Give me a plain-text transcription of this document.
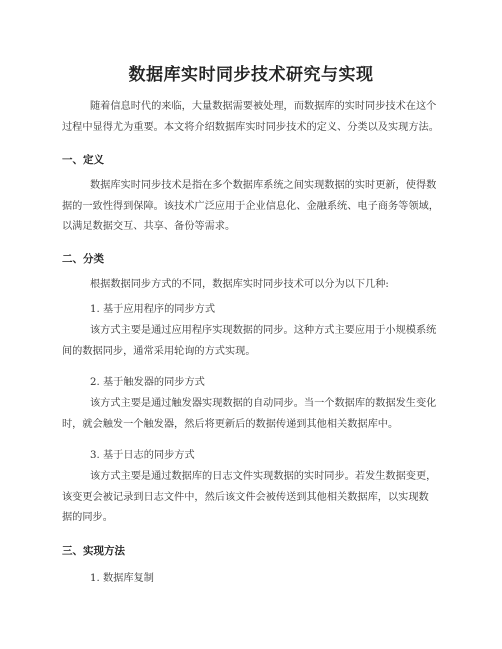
数据库实时同步技术研究与实现
随着信息时代的来临，大量数据需要被处理，而数据库的实时同步技术在这个
过程中显得尤为重要。本文将介绍数据库实时同步技术的定义、分类以及实现方法。
一、定义
数据库实时同步技术是指在多个数据库系统之间实现数据的实时更新，使得数
据的一致性得到保障。该技术广泛应用于企业信息化、金融系统、电子商务等领域，
以满足数据交互、共享、备份等需求。
二、分类
根据数据同步方式的不同，数据库实时同步技术可以分为以下几种:
1. 基于应用程序的同步方式
该方式主要是通过应用程序实现数据的同步。这种方式主要应用于小规模系统
间的数据同步，通常采用轮询的方式实现。
2. 基于触发器的同步方式
该方式主要是通过触发器实现数据的自动同步。当一个数据库的数据发生变化
时，就会触发一个触发器，然后将更新后的数据传递到其他相关数据库中。
3. 基于日志的同步方式
该方式主要是通过数据库的日志文件实现数据的实时同步。若发生数据变更，
该变更会被记录到日志文件中，然后该文件会被传送到其他相关数据库，以实现数
据的同步。
三、实现方法
1. 数据库复制
